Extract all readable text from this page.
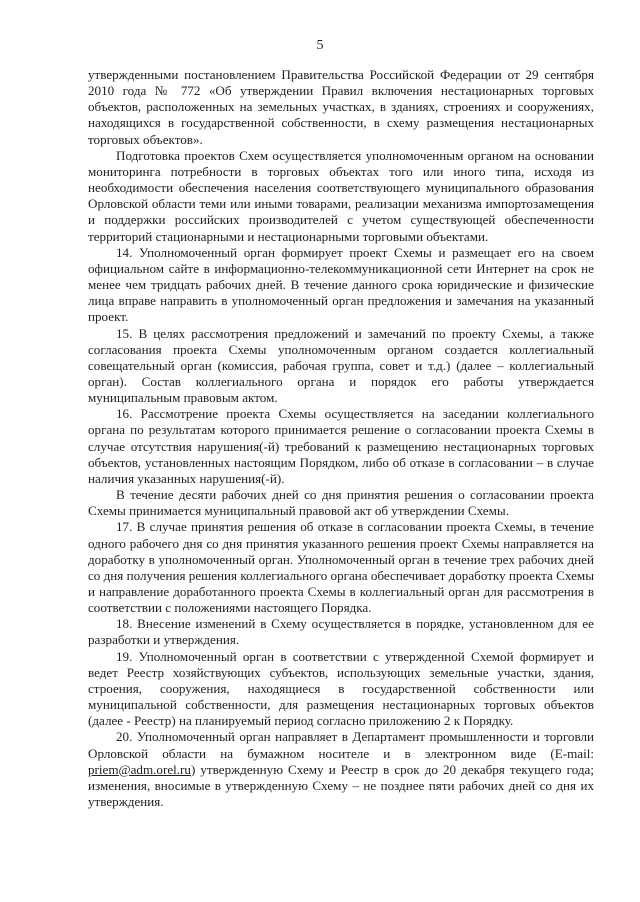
5

утвержденными постановлением Правительства Российской Федерации от 29 сентября 2010 года № 772 «Об утверждении Правил включения нестационарных торговых объектов, расположенных на земельных участках, в зданиях, строениях и сооружениях, находящихся в государственной собственности, в схему размещения нестационарных торговых объектов».

Подготовка проектов Схем осуществляется уполномоченным органом на основании мониторинга потребности в торговых объектах того или иного типа, исходя из необходимости обеспечения населения соответствующего муниципального образования Орловской области теми или иными товарами, реализации механизма импортозамещения и поддержки российских производителей с учетом существующей обеспеченности территорий стационарными и нестационарными торговыми объектами.

14. Уполномоченный орган формирует проект Схемы и размещает его на своем официальном сайте в информационно-телекоммуникационной сети Интернет на срок не менее чем тридцать рабочих дней. В течение данного срока юридические и физические лица вправе направить в уполномоченный орган предложения и замечания на указанный проект.

15. В целях рассмотрения предложений и замечаний по проекту Схемы, а также согласования проекта Схемы уполномоченным органом создается коллегиальный совещательный орган (комиссия, рабочая группа, совет и т.д.) (далее – коллегиальный орган). Состав коллегиального органа и порядок его работы утверждается муниципальным правовым актом.

16. Рассмотрение проекта Схемы осуществляется на заседании коллегиального органа по результатам которого принимается решение о согласовании проекта Схемы в случае отсутствия нарушения(-й) требований к размещению нестационарных торговых объектов, установленных настоящим Порядком, либо об отказе в согласовании – в случае наличия указанных нарушения(-й).

В течение десяти рабочих дней со дня принятия решения о согласовании проекта Схемы принимается муниципальный правовой акт об утверждении Схемы.

17. В случае принятия решения об отказе в согласовании проекта Схемы, в течение одного рабочего дня со дня принятия указанного решения проект Схемы направляется на доработку в уполномоченный орган. Уполномоченный орган в течение трех рабочих дней со дня получения решения коллегиального органа обеспечивает доработку проекта Схемы и направление доработанного проекта Схемы в коллегиальный орган для рассмотрения в соответствии с положениями настоящего Порядка.

18. Внесение изменений в Схему осуществляется в порядке, установленном для ее разработки и утверждения.

19. Уполномоченный орган в соответствии с утвержденной Схемой формирует и ведет Реестр хозяйствующих субъектов, использующих земельные участки, здания, строения, сооружения, находящиеся в государственной собственности или муниципальной собственности, для размещения нестационарных торговых объектов (далее - Реестр) на планируемый период согласно приложению 2 к Порядку.

20. Уполномоченный орган направляет в Департамент промышленности и торговли Орловской области на бумажном носителе и в электронном виде (E-mail: priem@adm.orel.ru) утвержденную Схему и Реестр в срок до 20 декабря текущего года; изменения, вносимые в утвержденную Схему – не позднее пяти рабочих дней со дня их утверждения.
